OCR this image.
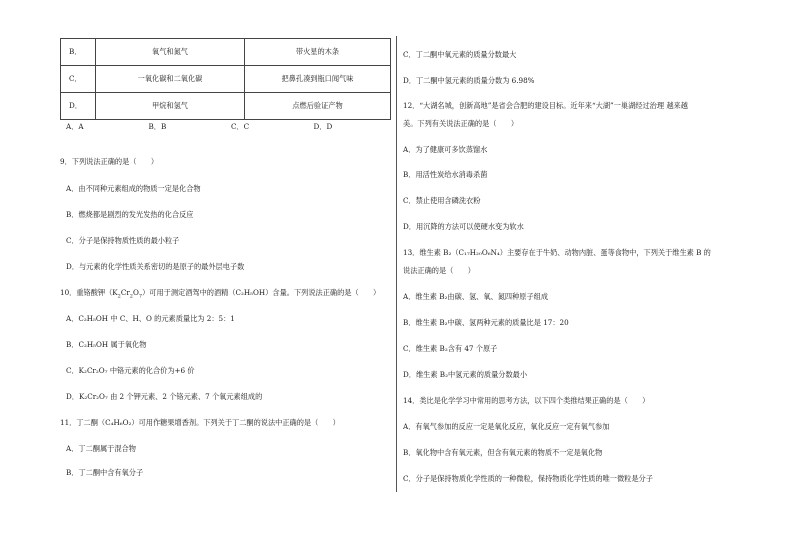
B．	氧气和氮气	带火星的木条
C．	一氧化碳和二氧化碳	把鼻孔凑到瓶口闻气味
D．	甲烷和氢气	点燃后验证产物
A．A	B．B	C．C	D．D
9．下列说法正确的是（　　）
A．由不同种元素组成的物质一定是化合物
B．燃烧都是剧烈的发光发热的化合反应
C．分子是保持物质性质的最小粒子
D．与元素的化学性质关系密切的是原子的最外层电子数
10．重铬酸钾$(K_2Cr_2O_7)$可用于测定酒驾中的酒精（C₂H₅OH）含量。下列说法正确的是（　　）
A．C₂H₅OH 中 C、H、O 的元素质量比为 2：5：1
B．C₂H₅OH 属于氧化物
C．K₂Cr₂O₇ 中铬元素的化合价为+6 价
D．K₂Cr₂O₇ 由 2 个钾元素、2 个铬元素、7 个氧元素组成的
11．丁二酮（C₄H₆O₂）可用作糖果增香剂。下列关于丁二酮的说法中正确的是（　　）
A．丁二酮属于混合物
B．丁二酮中含有氧分子
C．丁二酮中氧元素的质量分数最大
D．丁二酮中氢元素的质量分数为 6.98%
12．“大湖名城，创新高地”是省会合肥的建设目标。近年来“大湖”一巢湖经过治理 越来越
美。下列有关说法正确的是（　　）
A．为了健康可多饮蒸馏水
B．用活性炭给水消毒杀菌
C．禁止使用含磷洗衣粉
D．用沉降的方法可以使硬水变为软水
13．维生素 B₂（C₁₇H₂₀O₆N₄）主要存在于牛奶、动物内脏、蛋等食物中，下列关于维生素 B 的
说法正确的是（　　）
A．维生素 B₂由碳、氢、氧、氮四种原子组成
B．维生素 B₂中碳、氢两种元素的质量比是 17：20
C．维生素 B₂含有 47 个原子
D．维生素 B₂中氢元素的质量分数最小
14．类比是化学学习中常用的思考方法，以下四个类推结果正确的是（　　）
A．有氧气参加的反应一定是氧化反应，氧化反应一定有氧气参加
B．氧化物中含有氧元素，但含有氧元素的物质不一定是氧化物
C．分子是保持物质化学性质的一种微粒，保持物质化学性质的唯一微粒是分子
